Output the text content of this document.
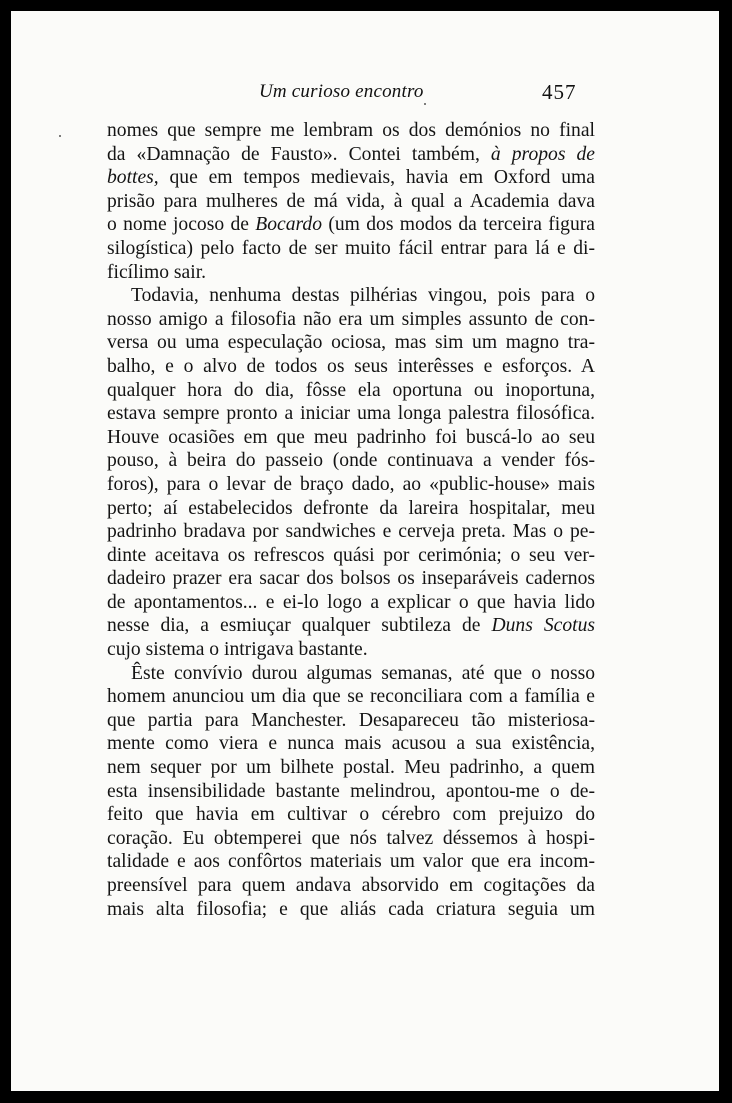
Um curioso encontro	457
nomes que sempre me lembram os dos demónios no final
da «Damnação de Fausto». Contei também, à propos de
bottes, que em tempos medievais, havia em Oxford uma
prisão para mulheres de má vida, à qual a Academia dava
o nome jocoso de Bocardo (um dos modos da terceira figura
silogística) pelo facto de ser muito fácil entrar para lá e di-
ficílimo sair.
Todavia, nenhuma destas pilhérias vingou, pois para o
nosso amigo a filosofia não era um simples assunto de con-
versa ou uma especulação ociosa, mas sim um magno tra-
balho, e o alvo de todos os seus interêsses e esforços. A
qualquer hora do dia, fôsse ela oportuna ou inoportuna,
estava sempre pronto a iniciar uma longa palestra filosófica.
Houve ocasiões em que meu padrinho foi buscá-lo ao seu
pouso, à beira do passeio (onde continuava a vender fós-
foros), para o levar de braço dado, ao «public-house» mais
perto; aí estabelecidos defronte da lareira hospitalar, meu
padrinho bradava por sandwiches e cerveja preta. Mas o pe-
dinte aceitava os refrescos quási por cerimónia; o seu ver-
dadeiro prazer era sacar dos bolsos os inseparáveis cadernos
de apontamentos... e ei-lo logo a explicar o que havia lido
nesse dia, a esmiuçar qualquer subtileza de Duns Scotus
cujo sistema o intrigava bastante.
Êste convívio durou algumas semanas, até que o nosso
homem anunciou um dia que se reconciliara com a família e
que partia para Manchester. Desapareceu tão misteriosa-
mente como viera e nunca mais acusou a sua existência,
nem sequer por um bilhete postal. Meu padrinho, a quem
esta insensibilidade bastante melindrou, apontou-me o de-
feito que havia em cultivar o cérebro com prejuizo do
coração. Eu obtemperei que nós talvez déssemos à hospi-
talidade e aos confôrtos materiais um valor que era incom-
preensível para quem andava absorvido em cogitações da
mais alta filosofia; e que aliás cada criatura seguia um
